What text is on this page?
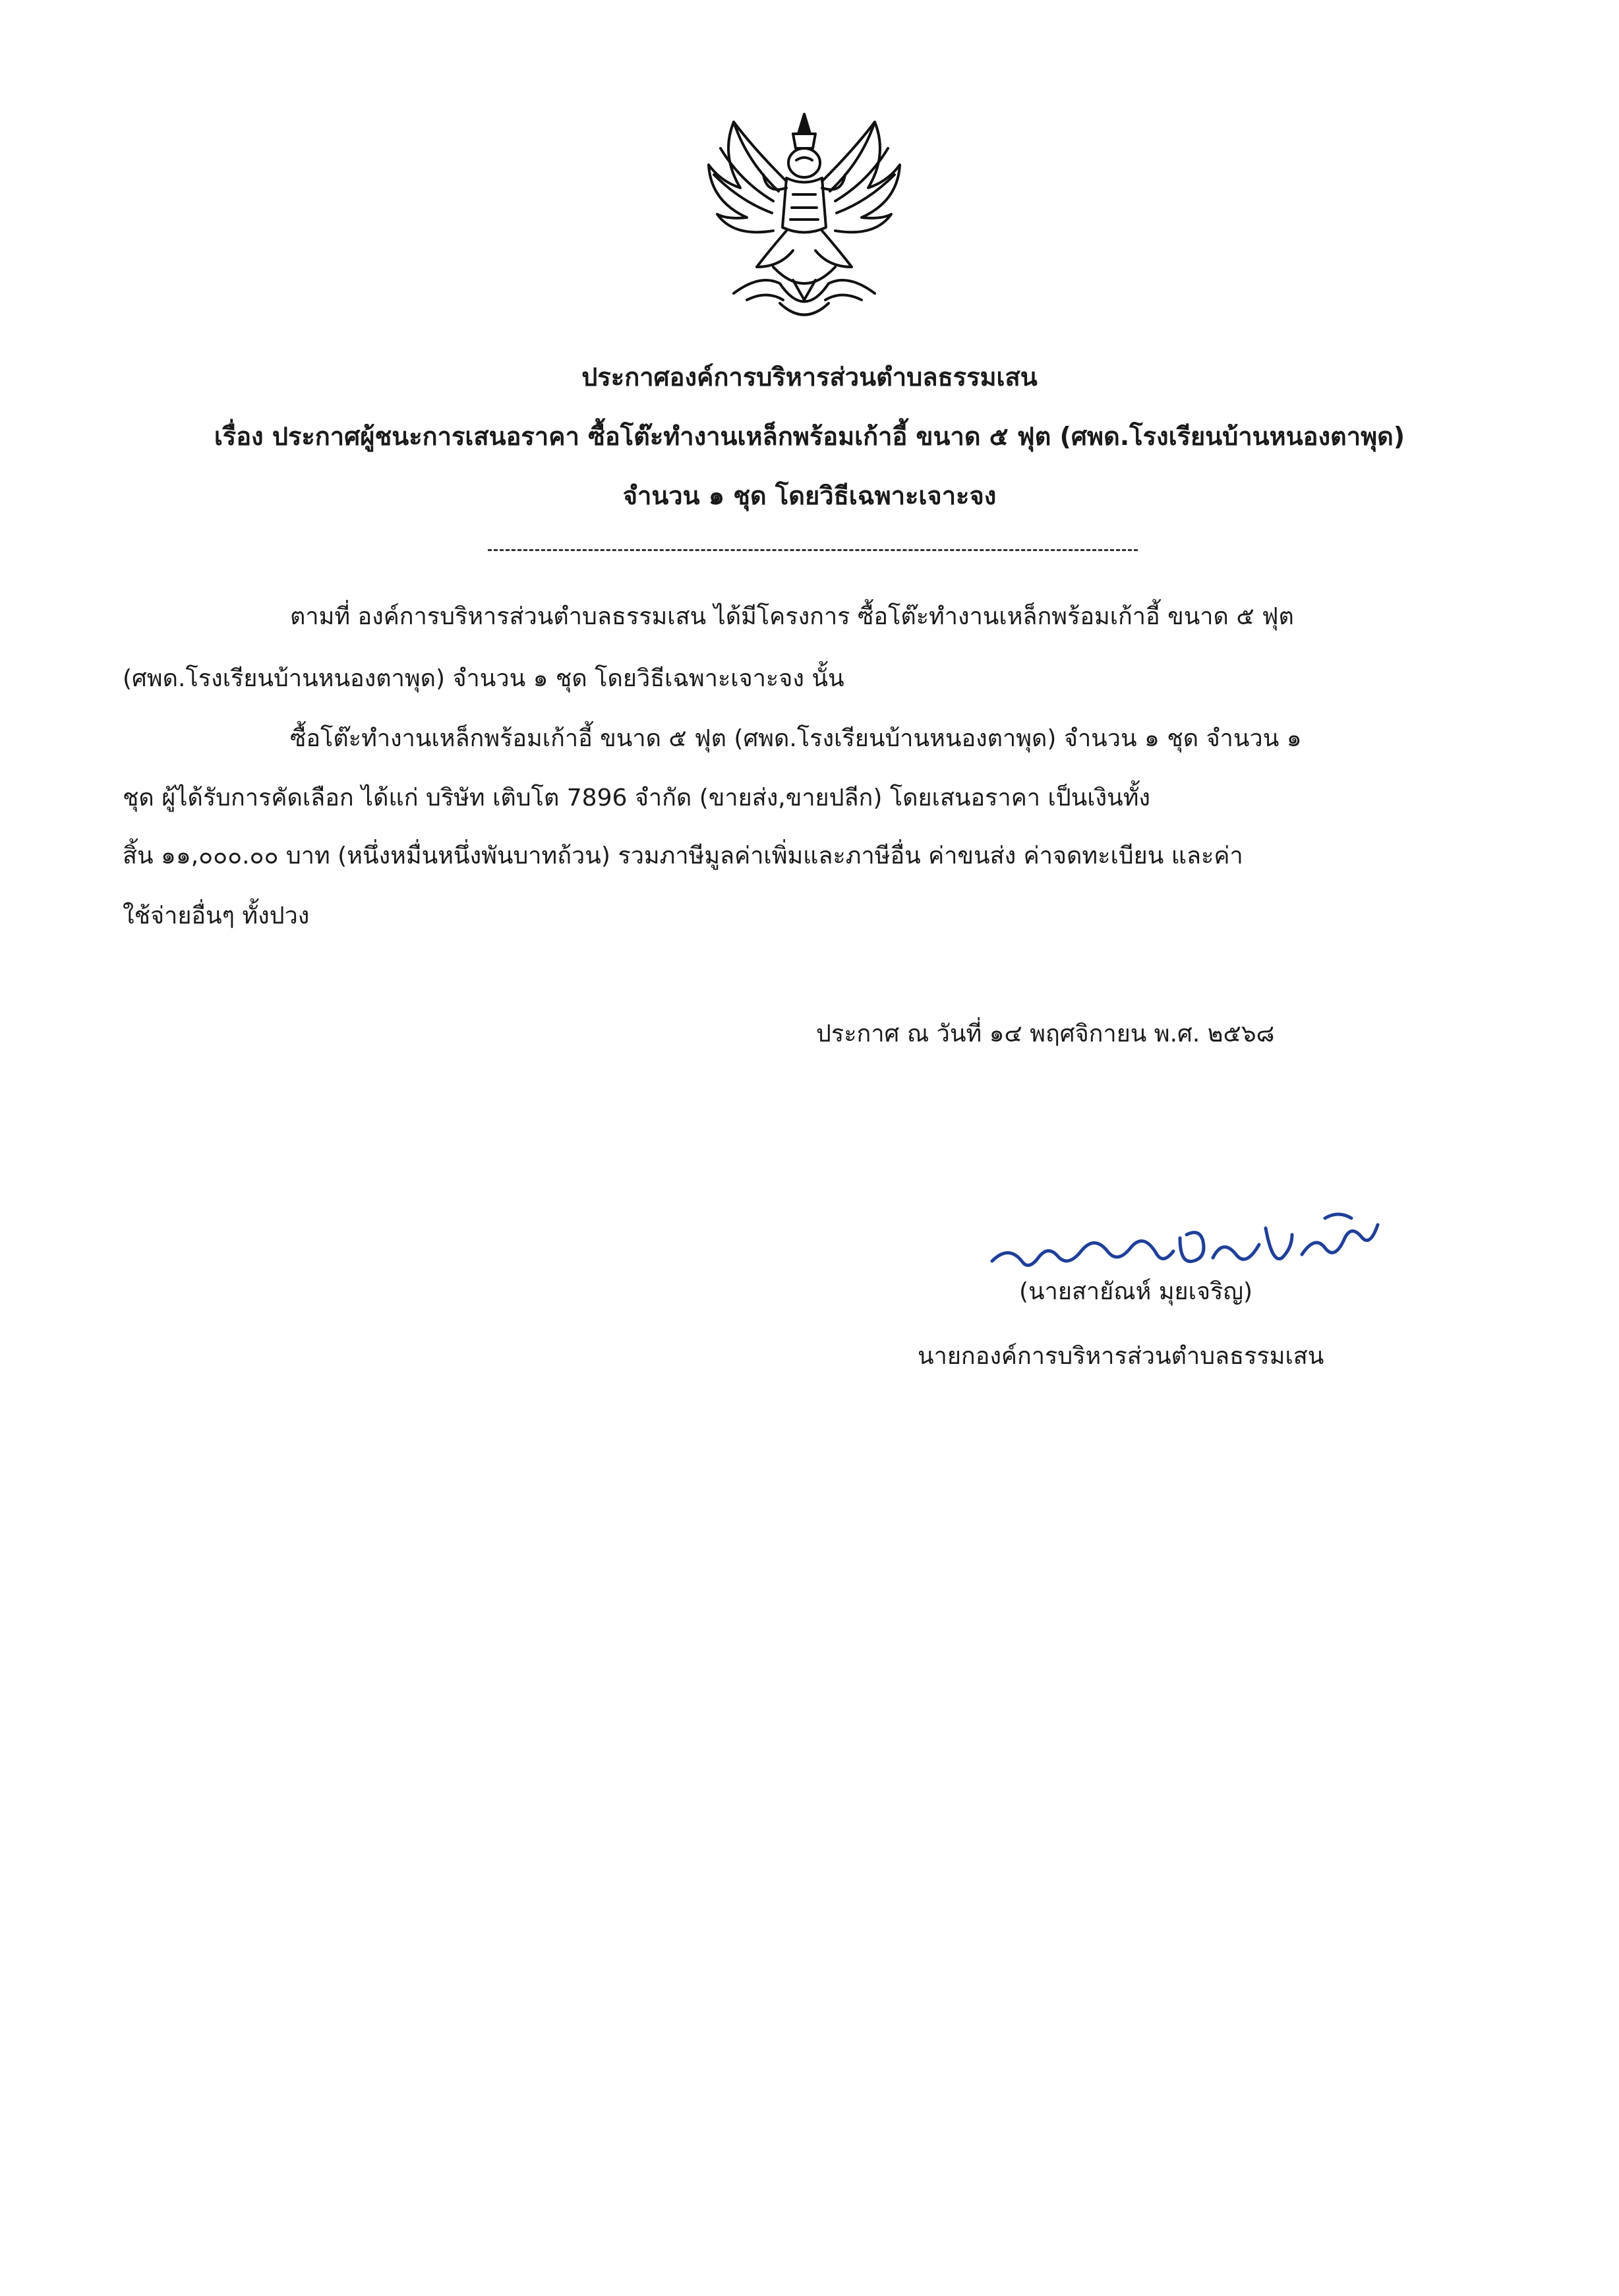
ประกาศองค์การบริหารส่วนตำบลธรรมเสน
เรื่อง ประกาศผู้ชนะการเสนอราคา ซื้อโต๊ะทำงานเหล็กพร้อมเก้าอี้ ขนาด ๕ ฟุต (ศพด.โรงเรียนบ้านหนองตาพุด)
จำนวน ๑ ชุด โดยวิธีเฉพาะเจาะจง
ตามที่ องค์การบริหารส่วนตำบลธรรมเสน ได้มีโครงการ ซื้อโต๊ะทำงานเหล็กพร้อมเก้าอี้ ขนาด ๕ ฟุต
(ศพด.โรงเรียนบ้านหนองตาพุด) จำนวน ๑ ชุด โดยวิธีเฉพาะเจาะจง นั้น
ซื้อโต๊ะทำงานเหล็กพร้อมเก้าอี้ ขนาด ๕ ฟุต (ศพด.โรงเรียนบ้านหนองตาพุด) จำนวน ๑ ชุด จำนวน ๑
ชุด ผู้ได้รับการคัดเลือก ได้แก่ บริษัท เติบโต 7896 จำกัด (ขายส่ง,ขายปลีก) โดยเสนอราคา เป็นเงินทั้ง
สิ้น ๑๑,๐๐๐.๐๐ บาท (หนึ่งหมื่นหนึ่งพันบาทถ้วน) รวมภาษีมูลค่าเพิ่มและภาษีอื่น ค่าขนส่ง ค่าจดทะเบียน และค่า
ใช้จ่ายอื่นๆ ทั้งปวง
ประกาศ ณ วันที่ ๑๔ พฤศจิกายน พ.ศ. ๒๕๖๘
(นายสายัณห์ มุยเจริญ)
นายกองค์การบริหารส่วนตำบลธรรมเสน
